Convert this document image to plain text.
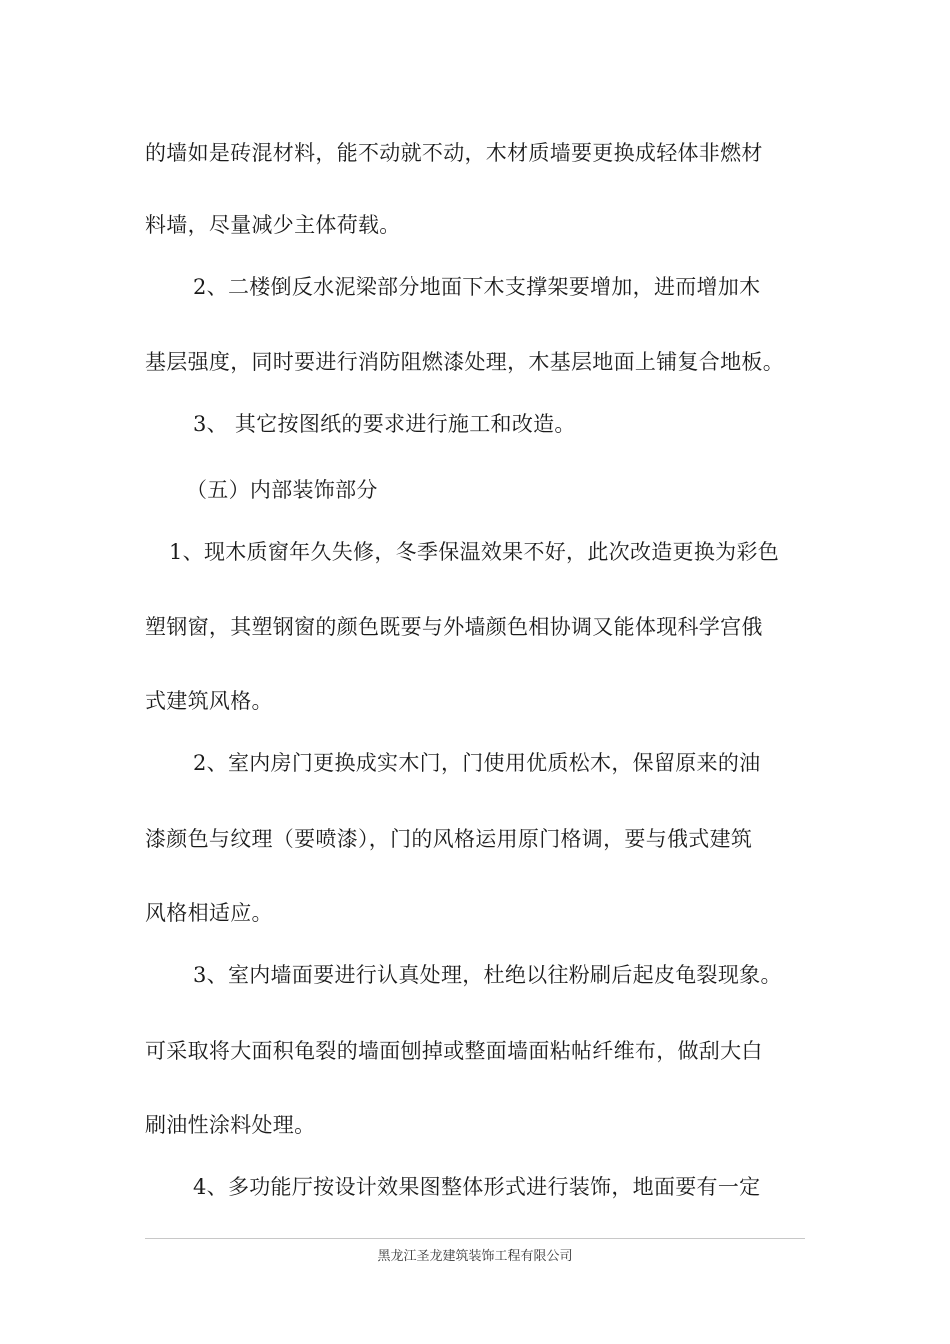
的墙如是砖混材料，能不动就不动，木材质墙要更换成轻体非燃材
料墙，尽量减少主体荷载。
2、二楼倒反水泥梁部分地面下木支撑架要增加，进而增加木
基层强度，同时要进行消防阻燃漆处理，木基层地面上铺复合地板。
3、 其它按图纸的要求进行施工和改造。
（五）内部装饰部分
1、现木质窗年久失修，冬季保温效果不好，此次改造更换为彩色
塑钢窗，其塑钢窗的颜色既要与外墙颜色相协调又能体现科学宫俄
式建筑风格。
2、室内房门更换成实木门，门使用优质松木，保留原来的油
漆颜色与纹理（要喷漆），门的风格运用原门格调，要与俄式建筑
风格相适应。
3、室内墙面要进行认真处理，杜绝以往粉刷后起皮龟裂现象。
可采取将大面积龟裂的墙面刨掉或整面墙面粘帖纤维布，做刮大白
刷油性涂料处理。
4、多功能厅按设计效果图整体形式进行装饰，地面要有一定
黑龙江圣龙建筑装饰工程有限公司
